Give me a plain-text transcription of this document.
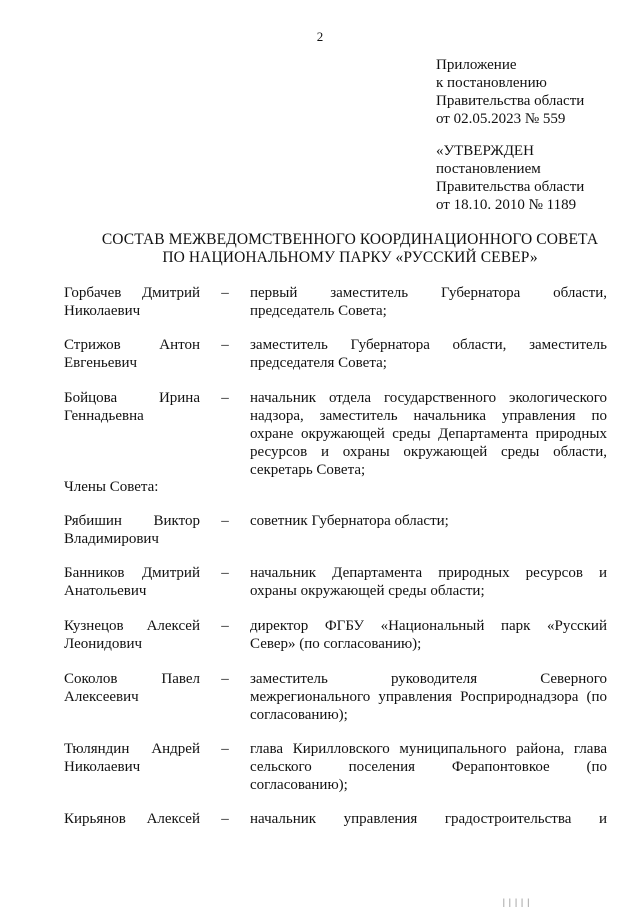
2
Приложение
к постановлению
Правительства области
от 02.05.2023 № 559
«УТВЕРЖДЕН
постановлением
Правительства области
от 18.10. 2010 № 1189
СОСТАВ МЕЖВЕДОМСТВЕННОГО КООРДИНАЦИОННОГО СОВЕТА
ПО НАЦИОНАЛЬНОМУ ПАРКУ «РУССКИЙ СЕВЕР»
Горбачев Дмитрий
Николаевич
– первый заместитель Губернатора области,
председатель Совета;
Стрижов Антон
Евгеньевич
– заместитель Губернатора области, заместитель
председателя Совета;
Бойцова Ирина
Геннадьевна
– начальник отдела государственного экологического
надзора, заместитель начальника управления по
охране окружающей среды Департамента природных
ресурсов и охраны окружающей среды области,
секретарь Совета;
Члены Совета:
Рябишин Виктор
Владимирович
– советник Губернатора области;
Банников Дмитрий
Анатольевич
– начальник Департамента природных ресурсов и
охраны окружающей среды области;
Кузнецов Алексей
Леонидович
– директор ФГБУ «Национальный парк «Русский
Север» (по согласованию);
Соколов Павел
Алексеевич
– заместитель руководителя Северного
межрегионального управления Росприроднадзора (по
согласованию);
Тюляндин Андрей
Николаевич
– глава Кирилловского муниципального района, глава
сельского поселения Ферапонтовкое (по
согласованию);
Кирьянов Алексей – начальник управления градостроительства и
| | | | |
